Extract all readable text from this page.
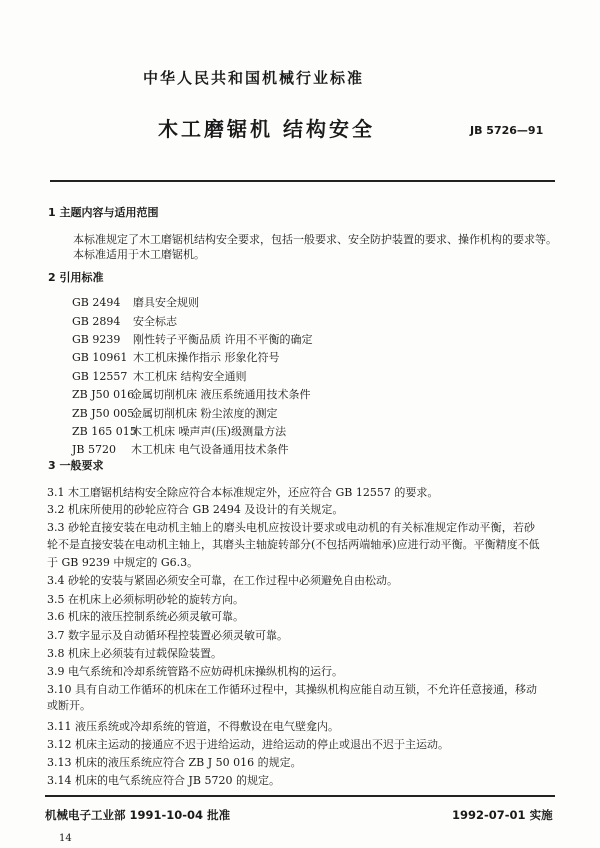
中华人民共和国机械行业标准
木工磨锯机 结构安全	JB 5726—91
1 主题内容与适用范围
本标准规定了木工磨锯机结构安全要求，包括一般要求、安全防护装置的要求、操作机构的要求等。
本标准适用于木工磨锯机。
2 引用标准
GB 2494 磨具安全规则
GB 2894 安全标志
GB 9239 刚性转子平衡品质 许用不平衡的确定
GB 10961 木工机床操作指示 形象化符号
GB 12557 木工机床 结构安全通则
ZB J50 016
金属切削机床 液压系统通用技术条件
ZB J50 005
金属切削机床 粉尘浓度的测定
ZB 165 015
木工机床 噪声声(压)级测量方法
JB 5720 木工机床 电气设备通用技术条件
3 一般要求
3.1 木工磨锯机结构安全除应符合本标准规定外，还应符合 GB 12557 的要求。
3.2 机床所使用的砂轮应符合 GB 2494 及设计的有关规定。
3.3 砂轮直接安装在电动机主轴上的磨头电机应按设计要求或电动机的有关标准规定作动平衡，若砂
轮不是直接安装在电动机主轴上，其磨头主轴旋转部分(不包括两端轴承)应进行动平衡。平衡精度不低
于 GB 9239 中规定的 G6.3。
3.4 砂轮的安装与紧固必须安全可靠，在工作过程中必须避免自由松动。
3.5 在机床上必须标明砂轮的旋转方向。
3.6 机床的液压控制系统必须灵敏可靠。
3.7 数字显示及自动循环程控装置必须灵敏可靠。
3.8 机床上必须装有过载保险装置。
3.9 电气系统和冷却系统管路不应妨碍机床操纵机构的运行。
3.10 具有自动工作循环的机床在工作循环过程中，其操纵机构应能自动互锁，不允许任意接通，移动
或断开。
3.11 液压系统或冷却系统的管道，不得敷设在电气壁龛内。
3.12 机床主运动的接通应不迟于进给运动，进给运动的停止或退出不迟于主运动。
3.13 机床的液压系统应符合 ZB J 50 016 的规定。
3.14 机床的电气系统应符合 JB 5720 的规定。
机械电子工业部 1991-10-04 批准	1992-07-01 实施
14
